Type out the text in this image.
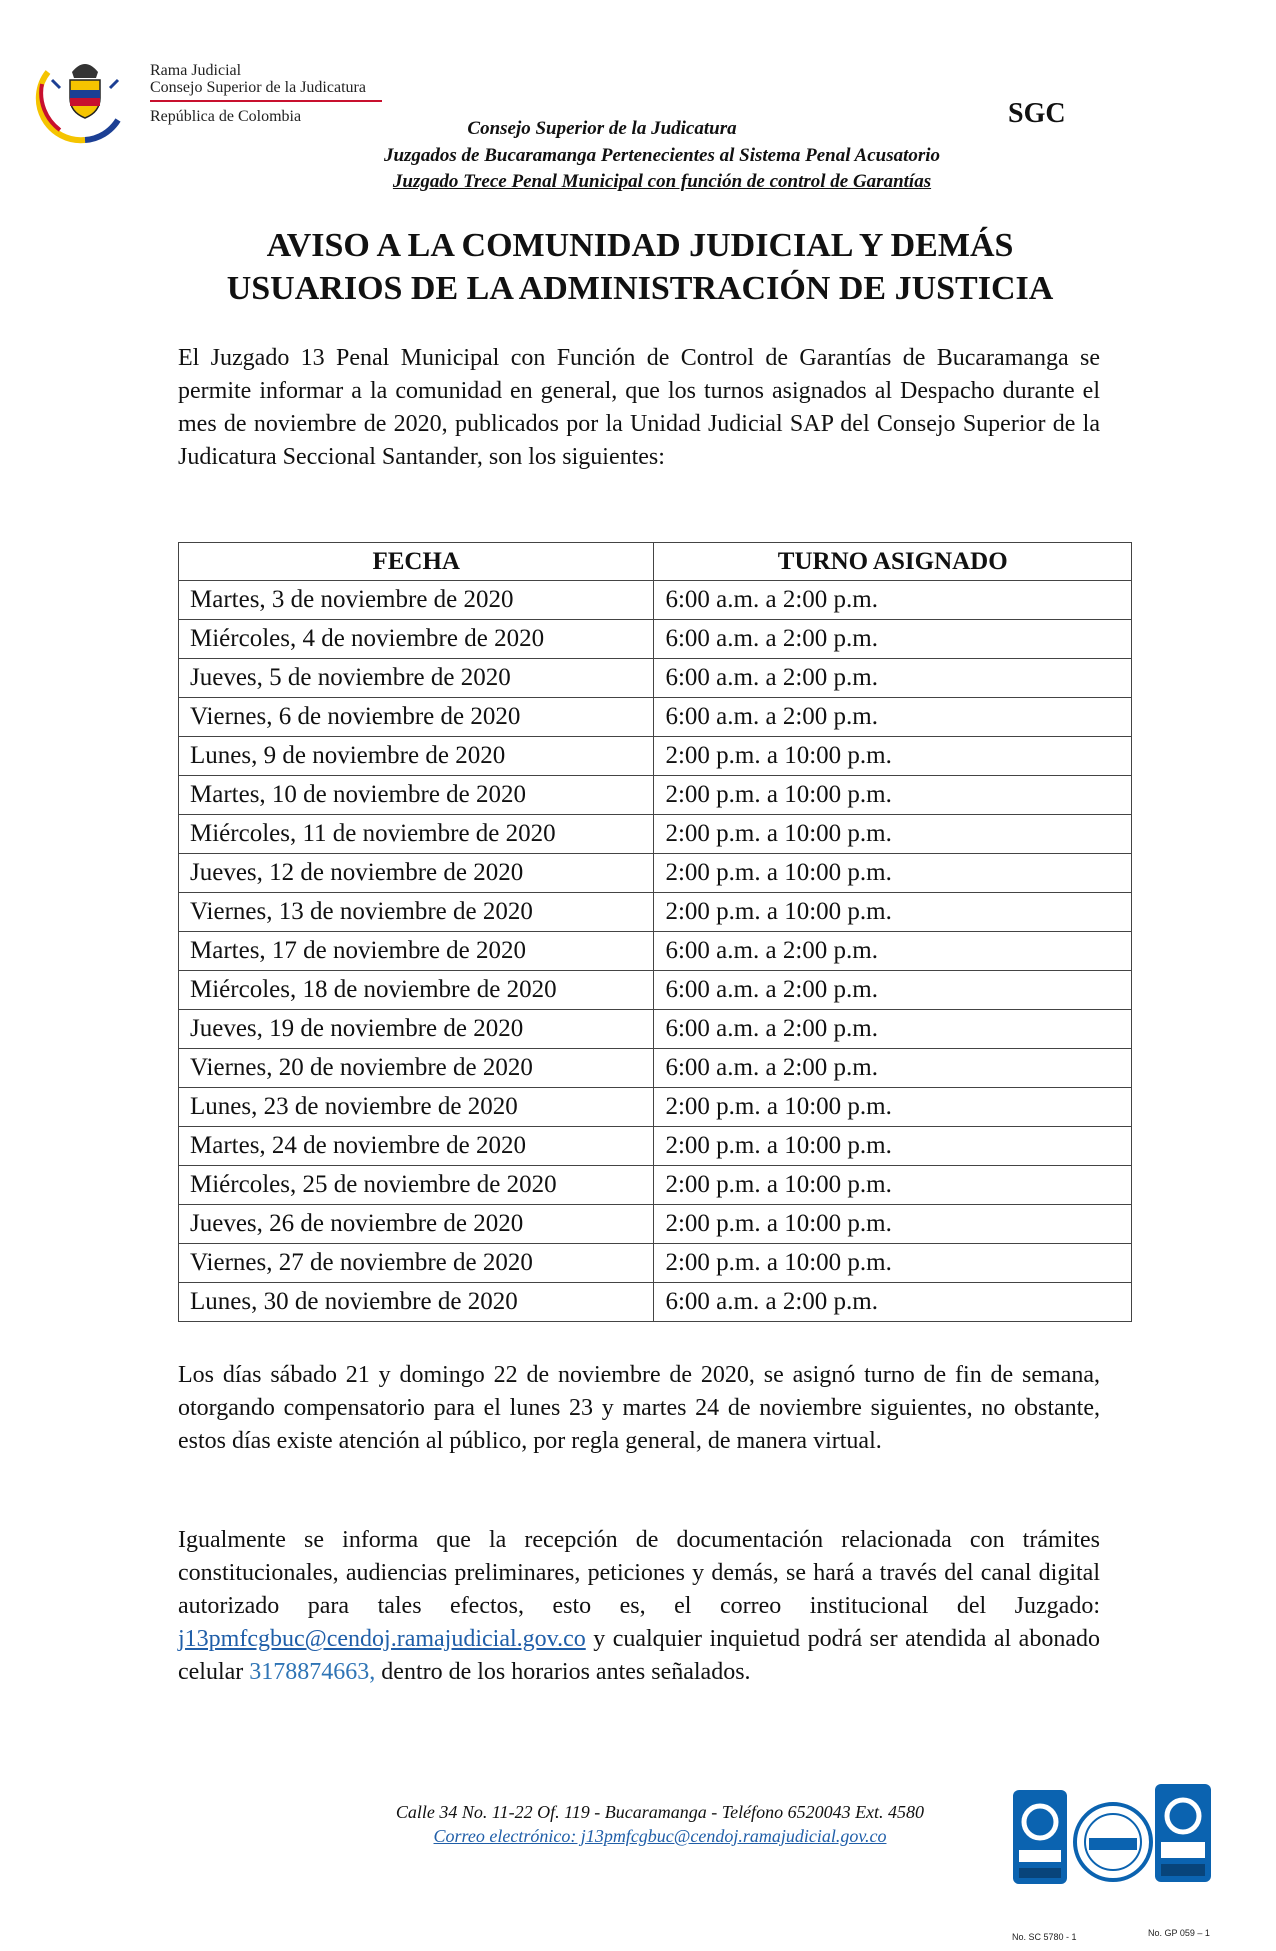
Rama Judicial
Consejo Superior de la Judicatura
República de Colombia	SGC
Consejo Superior de la Judicatura
Juzgados de Bucaramanga Pertenecientes al Sistema Penal Acusatorio
Juzgado Trece Penal Municipal con función de control de Garantías
AVISO A LA COMUNIDAD JUDICIAL Y DEMÁS
USUARIOS DE LA ADMINISTRACIÓN DE JUSTICIA
El Juzgado 13 Penal Municipal con Función de Control de Garantías de Bucaramanga se permite informar a la comunidad en general, que los turnos asignados al Despacho durante el mes de noviembre de 2020, publicados por la Unidad Judicial SAP del Consejo Superior de la Judicatura Seccional Santander, son los siguientes:
FECHA	TURNO ASIGNADO
Martes, 3 de noviembre de 2020	6:00 a.m. a 2:00 p.m.
Miércoles, 4 de noviembre de 2020	6:00 a.m. a 2:00 p.m.
Jueves, 5 de noviembre de 2020	6:00 a.m. a 2:00 p.m.
Viernes, 6 de noviembre de 2020	6:00 a.m. a 2:00 p.m.
Lunes, 9 de noviembre de 2020	2:00 p.m. a 10:00 p.m.
Martes, 10 de noviembre de 2020	2:00 p.m. a 10:00 p.m.
Miércoles, 11 de noviembre de 2020	2:00 p.m. a 10:00 p.m.
Jueves, 12 de noviembre de 2020	2:00 p.m. a 10:00 p.m.
Viernes, 13 de noviembre de 2020	2:00 p.m. a 10:00 p.m.
Martes, 17 de noviembre de 2020	6:00 a.m. a 2:00 p.m.
Miércoles, 18 de noviembre de 2020	6:00 a.m. a 2:00 p.m.
Jueves, 19 de noviembre de 2020	6:00 a.m. a 2:00 p.m.
Viernes, 20 de noviembre de 2020	6:00 a.m. a 2:00 p.m.
Lunes, 23 de noviembre de 2020	2:00 p.m. a 10:00 p.m.
Martes, 24 de noviembre de 2020	2:00 p.m. a 10:00 p.m.
Miércoles, 25 de noviembre de 2020	2:00 p.m. a 10:00 p.m.
Jueves, 26 de noviembre de 2020	2:00 p.m. a 10:00 p.m.
Viernes, 27 de noviembre de 2020	2:00 p.m. a 10:00 p.m.
Lunes, 30 de noviembre de 2020	6:00 a.m. a 2:00 p.m.
Los días sábado 21 y domingo 22 de noviembre de 2020, se asignó turno de fin de semana, otorgando compensatorio para el lunes 23 y martes 24 de noviembre siguientes, no obstante, estos días existe atención al público, por regla general, de manera virtual.
Igualmente se informa que la recepción de documentación relacionada con trámites constitucionales, audiencias preliminares, peticiones y demás, se hará a través del canal digital autorizado para tales efectos, esto es, el correo institucional del Juzgado: j13pmfcgbuc@cendoj.ramajudicial.gov.co y cualquier inquietud podrá ser atendida al abonado celular 3178874663, dentro de los horarios antes señalados.
Calle 34 No. 11-22 Of. 119 - Bucaramanga - Teléfono 6520043 Ext. 4580
Correo electrónico: j13pmfcgbuc@cendoj.ramajudicial.gov.co
No. SC 5780 - 1	No. GP 059 – 1
